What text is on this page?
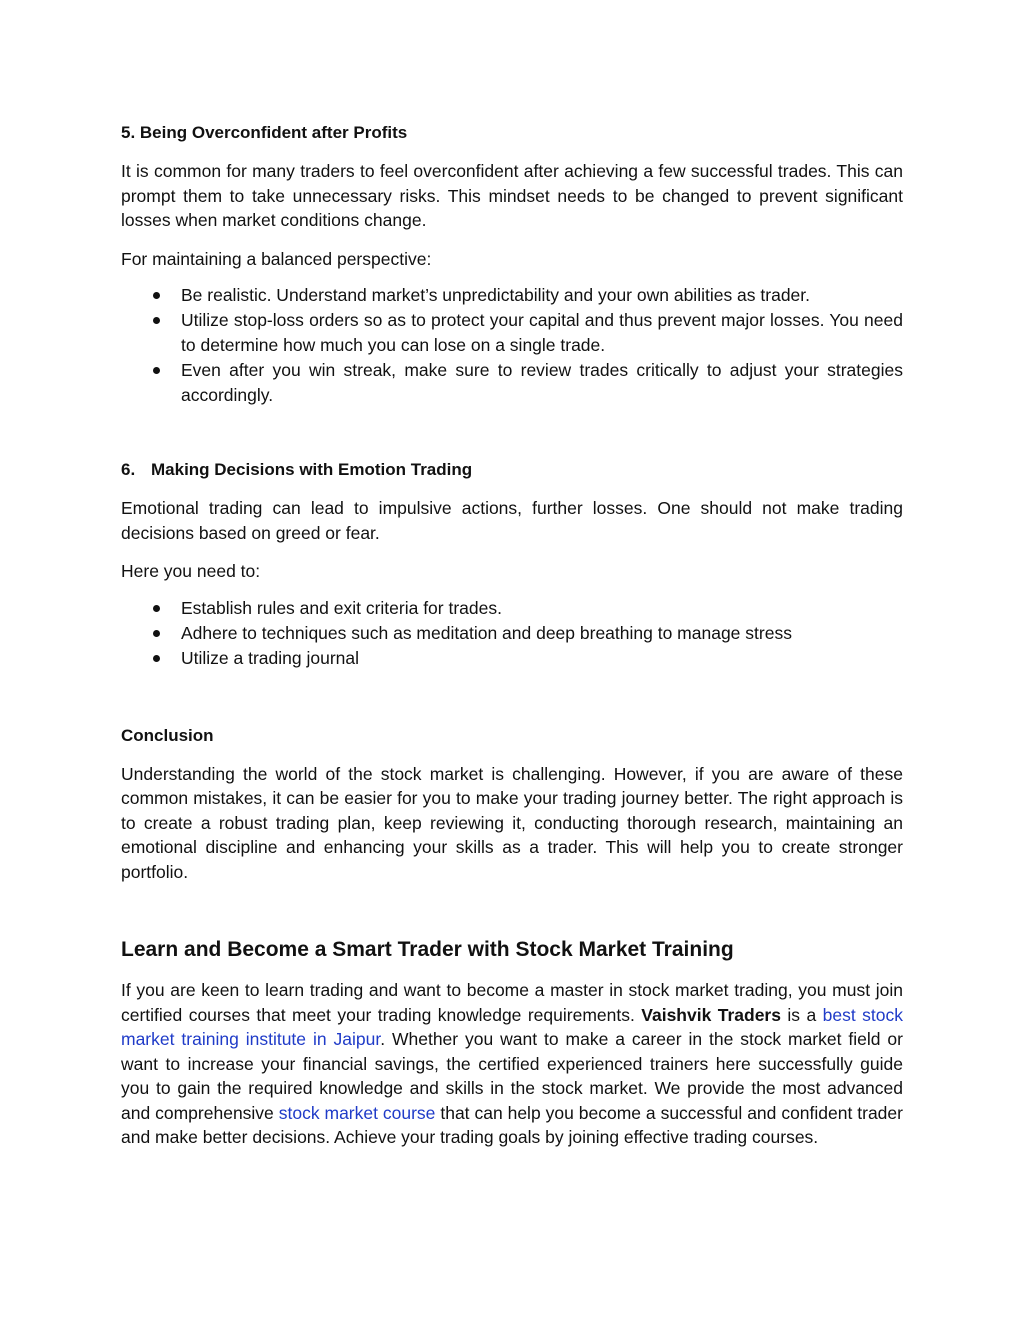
5. Being Overconfident after Profits

It is common for many traders to feel overconfident after achieving a few successful trades. This can prompt them to take unnecessary risks. This mindset needs to be changed to prevent significant losses when market conditions change.

For maintaining a balanced perspective:

Be realistic. Understand market’s unpredictability and your own abilities as trader.
Utilize stop-loss orders so as to protect your capital and thus prevent major losses. You need to determine how much you can lose on a single trade.
Even after you win streak, make sure to review trades critically to adjust your strategies accordingly.
6. Making Decisions with Emotion Trading

Emotional trading can lead to impulsive actions, further losses. One should not make trading decisions based on greed or fear.

Here you need to:

Establish rules and exit criteria for trades.
Adhere to techniques such as meditation and deep breathing to manage stress
Utilize a trading journal
Conclusion

Understanding the world of the stock market is challenging. However, if you are aware of these common mistakes, it can be easier for you to make your trading journey better. The right approach is to create a robust trading plan, keep reviewing it, conducting thorough research, maintaining an emotional discipline and enhancing your skills as a trader. This will help you to create stronger portfolio.

Learn and Become a Smart Trader with Stock Market Training

If you are keen to learn trading and want to become a master in stock market trading, you must join certified courses that meet your trading knowledge requirements. Vaishvik Traders is a best stock market training institute in Jaipur. Whether you want to make a career in the stock market field or want to increase your financial savings, the certified experienced trainers here successfully guide you to gain the required knowledge and skills in the stock market. We provide the most advanced and comprehensive stock market course that can help you become a successful and confident trader and make better decisions. Achieve your trading goals by joining effective trading courses.
